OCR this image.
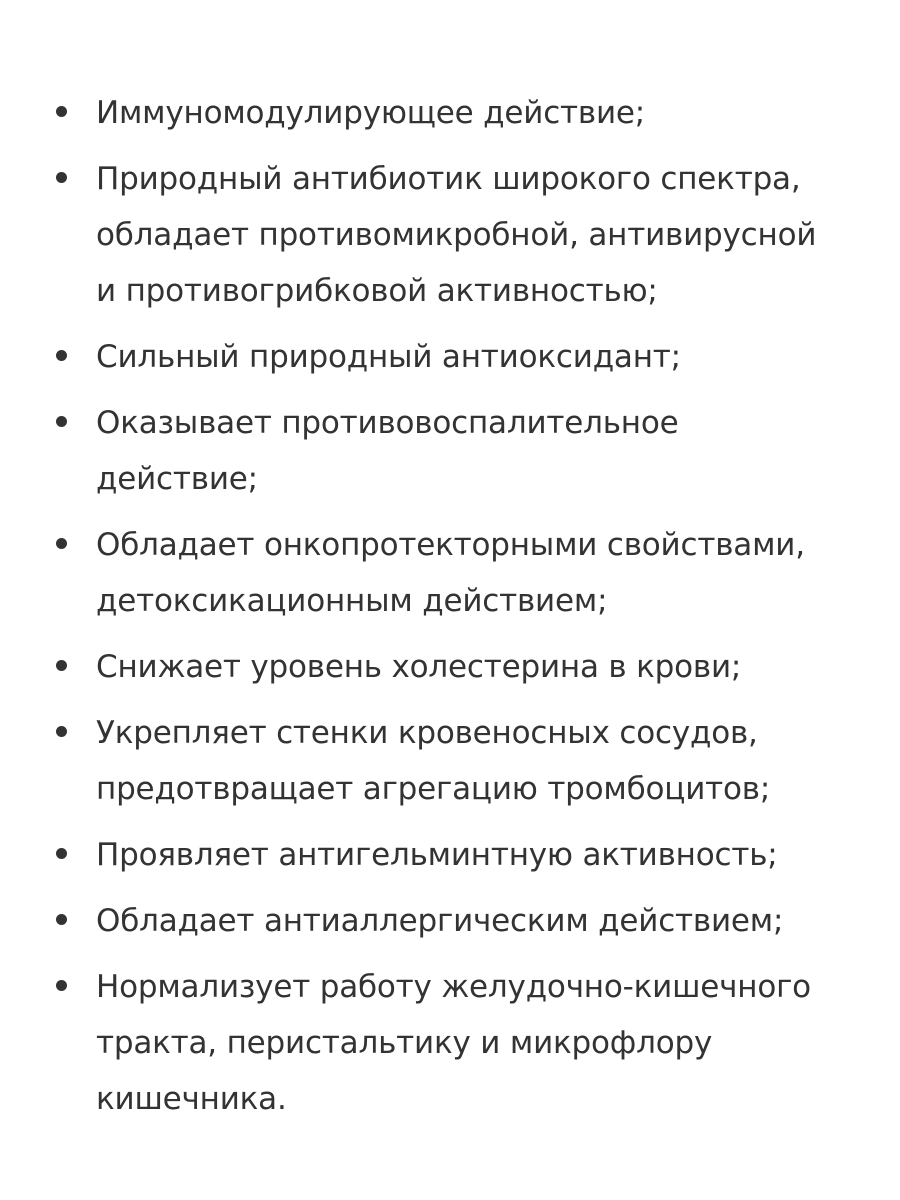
Иммуномодулирующее действие;
Природный антибиотик широкого спектра,
обладает противомикробной, антивирусной
и противогрибковой активностью;
Сильный природный антиоксидант;
Оказывает противовоспалительное
действие;
Обладает онкопротекторными свойствами,
детоксикационным действием;
Снижает уровень холестерина в крови;
Укрепляет стенки кровеносных сосудов,
предотвращает агрегацию тромбоцитов;
Проявляет антигельминтную активность;
Обладает антиаллергическим действием;
Нормализует работу желудочно-кишечного
тракта, перистальтику и микрофлору
кишечника.
